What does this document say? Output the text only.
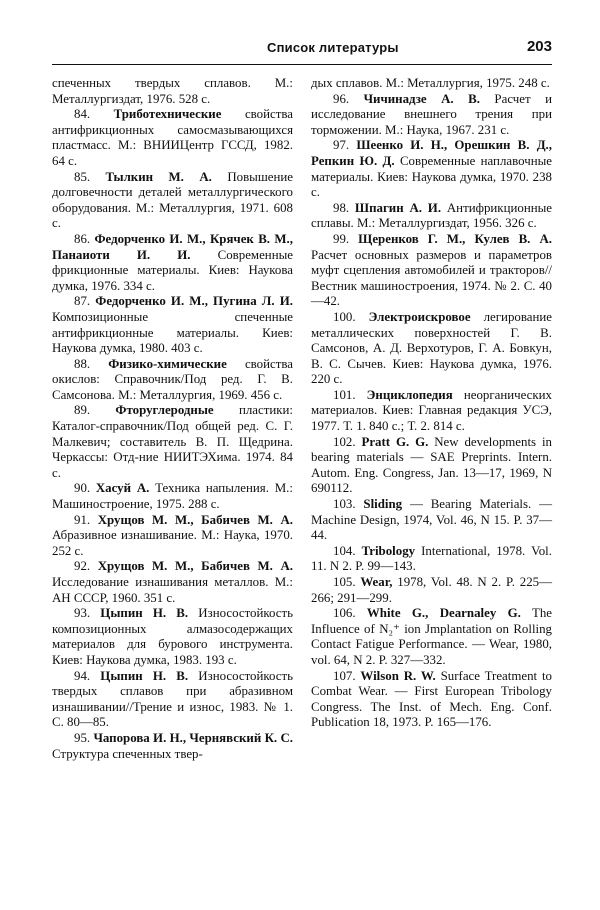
Список литературы	203

спеченных твердых сплавов. М.: Металлургиздат, 1976. 528 с.

84. Триботехнические свойства антифрикционных самосмазывающихся пластмасс. М.: ВНИИЦентр ГССД, 1982. 64 с.

85. Тылкин М. А. Повышение долговечности деталей металлургического оборудования. М.: Металлургия, 1971. 608 с.

86. Федорченко И. М., Крячек В. М., Панаиоти И. И. Современные фрикционные материалы. Киев: Наукова думка, 1976. 334 с.

87. Федорченко И. М., Пугина Л. И. Композиционные спеченные антифрикционные материалы. Киев: Наукова думка, 1980. 403 с.

88. Физико-химические свойства окислов: Справочник/Под ред. Г. В. Самсонова. М.: Металлургия, 1969. 456 с.

89. Фторуглеродные пластики: Каталог-справочник/Под общей ред. С. Г. Малкевич; составитель В. П. Щедрина. Черкассы: Отд-ние НИИТЭХима. 1974. 84 с.

90. Хасуй А. Техника напыления. М.: Машиностроение, 1975. 288 с.

91. Хрущов М. М., Бабичев М. А. Абразивное изнашивание. М.: Наука, 1970. 252 с.

92. Хрущов М. М., Бабичев М. А. Исследование изнашивания металлов. М.: АН СССР, 1960. 351 с.

93. Цыпин Н. В. Износостойкость композиционных алмазосодержащих материалов для бурового инструмента. Киев: Наукова думка, 1983. 193 с.

94. Цыпин Н. В. Износостойкость твердых сплавов при абразивном изнашивании//Трение и износ, 1983. № 1. С. 80—85.

95. Чапорова И. Н., Чернявский К. С. Структура спеченных твер-

дых сплавов. М.: Металлургия, 1975. 248 с.

96. Чичинадзе А. В. Расчет и исследование внешнего трения при торможении. М.: Наука, 1967. 231 с.

97. Шеенко И. Н., Орешкин В. Д., Репкин Ю. Д. Современные наплавочные материалы. Киев: Наукова думка, 1970. 238 с.

98. Шпагин А. И. Антифрикционные сплавы. М.: Металлургиздат, 1956. 326 с.

99. Щеренков Г. М., Кулев В. А. Расчет основных размеров и параметров муфт сцепления автомобилей и тракторов//Вестник машиностроения, 1974. № 2. С. 40—42.

100. Электроискровое легирование металлических поверхностей Г. В. Самсонов, А. Д. Верхотуров, Г. А. Бовкун, В. С. Сычев. Киев: Наукова думка, 1976. 220 с.

101. Энциклопедия неорганических материалов. Киев: Главная редакция УСЭ, 1977. Т. 1. 840 с.; Т. 2. 814 с.

102. Pratt G. G. New developments in bearing materials — SAE Preprints. Intern. Autom. Eng. Congress, Jan. 13—17, 1969, N 690112.

103. Sliding — Bearing Materials. — Machine Design, 1974, Vol. 46, N 15. P. 37—44.

104. Tribology International, 1978. Vol. 11. N 2. P. 99—143.

105. Wear, 1978, Vol. 48. N 2. P. 225—266; 291—299.

106. White G., Dearnaley G. The Influence of N₂⁺ ion Jmplantation on Rolling Contact Fatigue Performance. — Wear, 1980, vol. 64, N 2. P. 327—332.

107. Wilson R. W. Surface Treatment to Combat Wear. — First European Tribology Congress. The Inst. of Mech. Eng. Conf. Publication 18, 1973. P. 165—176.
